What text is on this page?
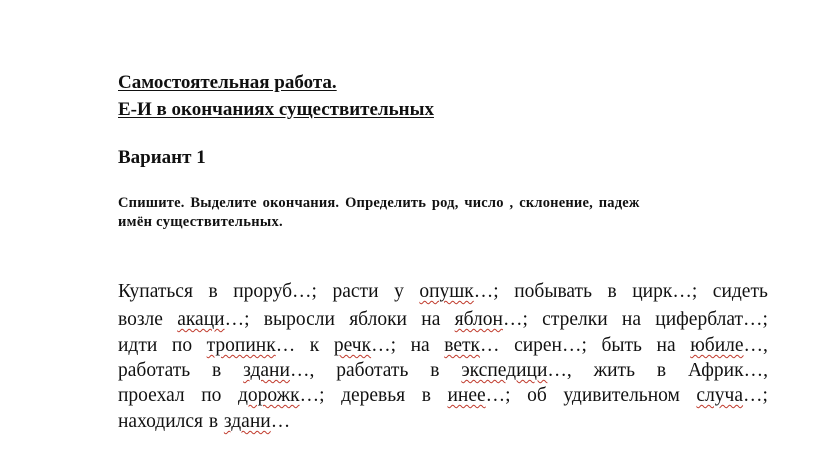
Самостоятельная работа.
Е-И в окончаниях существительных
Вариант 1
Спишите. Выделите окончания. Определить род, число , склонение, падеж
имён существительных.
Купаться в проруб…; расти у опушк…; побывать в цирк…; сидеть
возле акаци…; выросли яблоки на яблон…; стрелки на циферблат…;
идти по тропинк… к речк…; на ветк… сирен…; быть на юбиле…,
работать в здани…, работать в экспедици…, жить в Африк…,
проехал по дорожк…; деревья в инее…; об удивительном случа…;
находился в здани…
